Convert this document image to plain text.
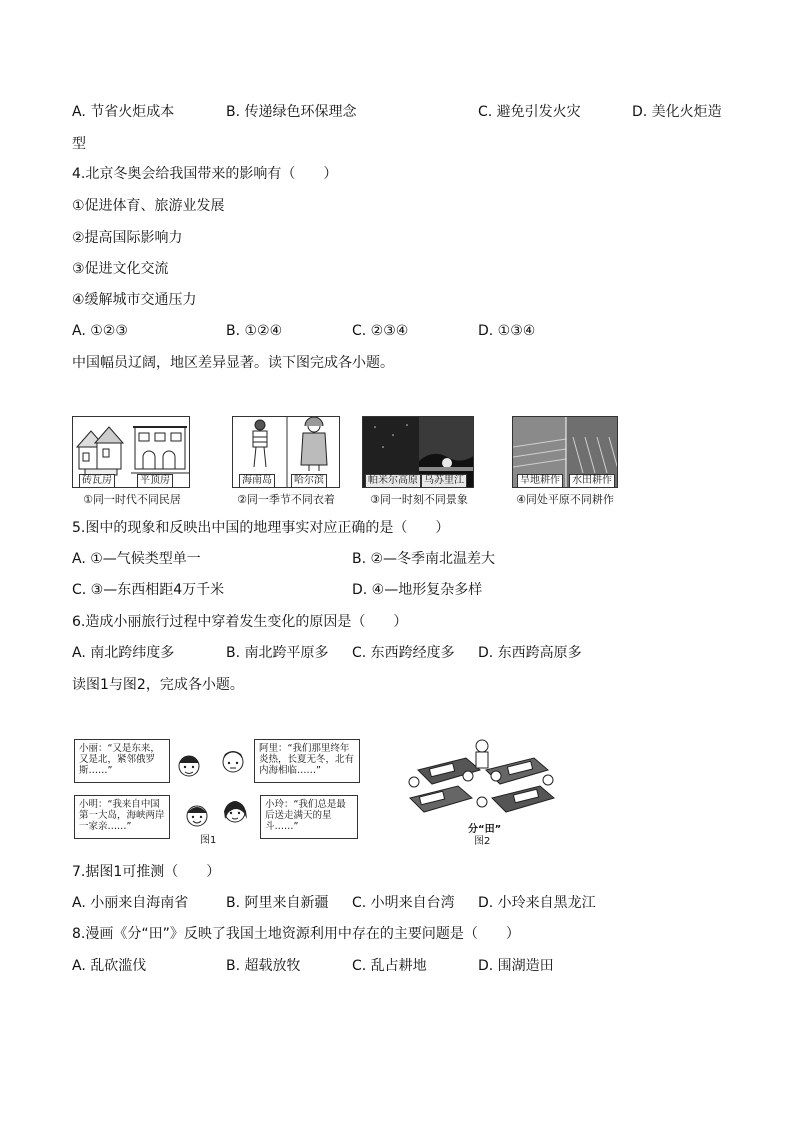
A. 节省火炬成本	B. 传递绿色环保理念	C. 避免引发火灾	D. 美化火炬造
型
4.北京冬奥会给我国带来的影响有（　　）
①促进体育、旅游业发展
②提高国际影响力
③促进文化交流
④缓解城市交通压力
A. ①②③	B. ①②④	C. ②③④	D. ①③④
中国幅员辽阔，地区差异显著。读下图完成各小题。
砖瓦房	平顶房
①同一时代不同民居
海南岛	哈尔滨
②同一季节不同衣着
帕米尔高原 乌苏里江
③同一时刻不同景象
旱地耕作	水田耕作
④同处平原不同耕作
5.图中的现象和反映出中国的地理事实对应正确的是（　　）
A. ①—气候类型单一	B. ②—冬季南北温差大
C. ③—东西相距4万千米	D. ④—地形复杂多样
6.造成小丽旅行过程中穿着发生变化的原因是（　　）
A. 南北跨纬度多	B. 南北跨平原多 C. 东西跨经度多 D. 东西跨高原多
读图1与图2，完成各小题。
小丽：“又是东来，又是北，紧邻俄罗斯……”
阿里：“我们那里终年炎热，长夏无冬，北有内海相临……”
小明：“我来自中国第一大岛，海峡两岸一家亲……”
小玲：“我们总是最后送走满天的星斗……”
图1
分“田”
图2
7.据图1可推测（　　）
A. 小丽来自海南省	B. 阿里来自新疆 C. 小明来自台湾 D. 小玲来自黑龙江
8.漫画《分“田”》反映了我国土地资源利用中存在的主要问题是（　　）
A. 乱砍滥伐	B. 超载放牧	C. 乱占耕地	D. 围湖造田
